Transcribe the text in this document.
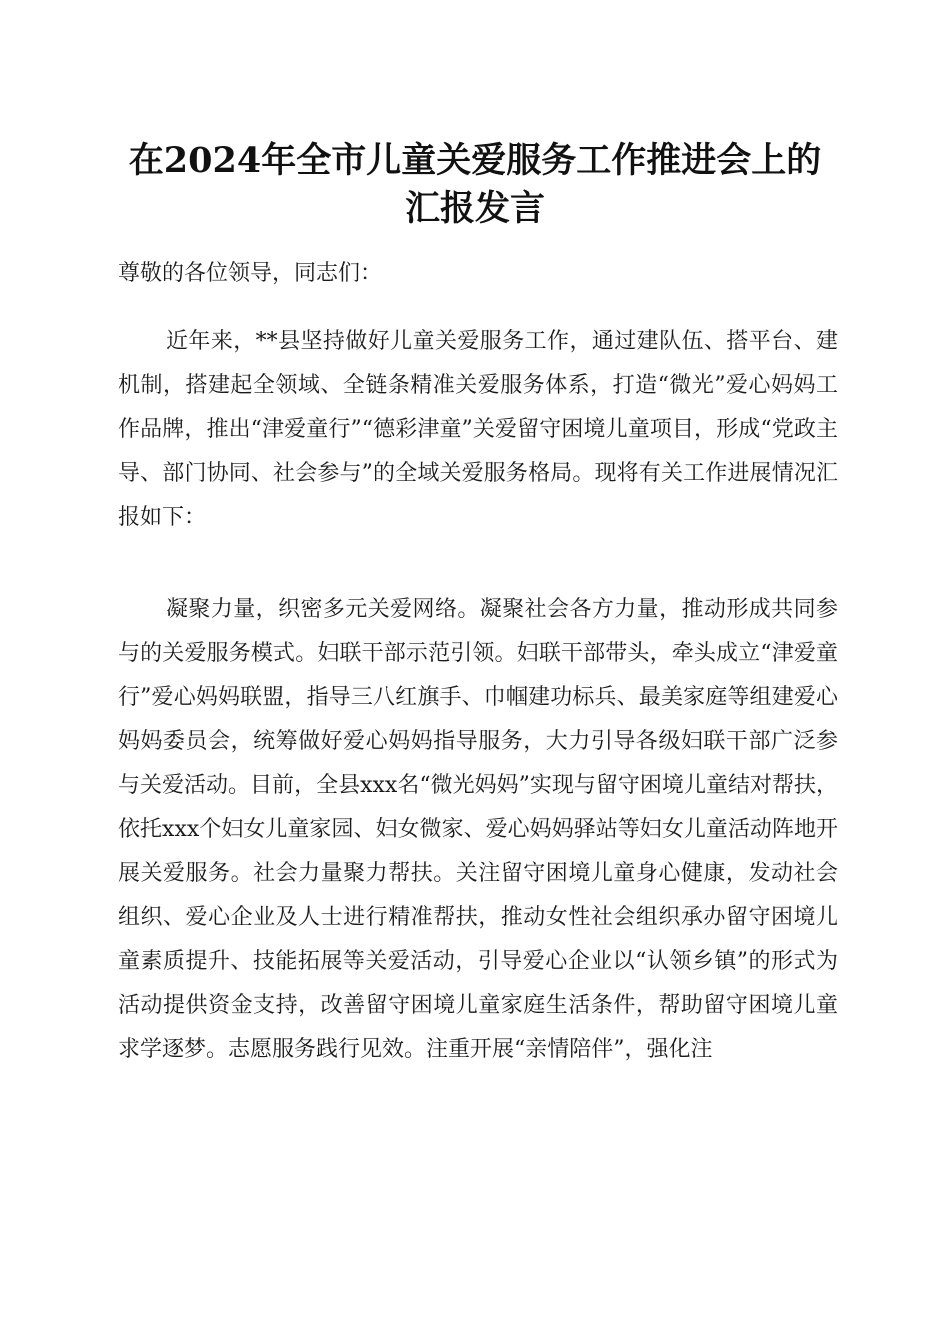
在2024年全市儿童关爱服务工作推进会上的
汇报发言
尊敬的各位领导，同志们：
近年来，**县坚持做好儿童关爱服务工作，通过建队伍、搭平台、建机制，搭建起全领域、全链条精准关爱服务体系，打造“微光”爱心妈妈工作品牌，推出“津爱童行”“德彩津童”关爱留守困境儿童项目，形成“党政主导、部门协同、社会参与”的全域关爱服务格局。现将有关工作进展情况汇报如下：
凝聚力量，织密多元关爱网络。凝聚社会各方力量，推动形成共同参与的关爱服务模式。妇联干部示范引领。妇联干部带头，牵头成立“津爱童行”爱心妈妈联盟，指导三八红旗手、巾帼建功标兵、最美家庭等组建爱心妈妈委员会，统筹做好爱心妈妈指导服务，大力引导各级妇联干部广泛参与关爱活动。目前，全县xxx名“微光妈妈”实现与留守困境儿童结对帮扶，依托xxx个妇女儿童家园、妇女微家、爱心妈妈驿站等妇女儿童活动阵地开展关爱服务。社会力量聚力帮扶。关注留守困境儿童身心健康，发动社会组织、爱心企业及人士进行精准帮扶，推动女性社会组织承办留守困境儿童素质提升、技能拓展等关爱活动，引导爱心企业以“认领乡镇”的形式为活动提供资金支持，改善留守困境儿童家庭生活条件，帮助留守困境儿童求学逐梦。志愿服务践行见效。注重开展“亲情陪伴”，强化注
